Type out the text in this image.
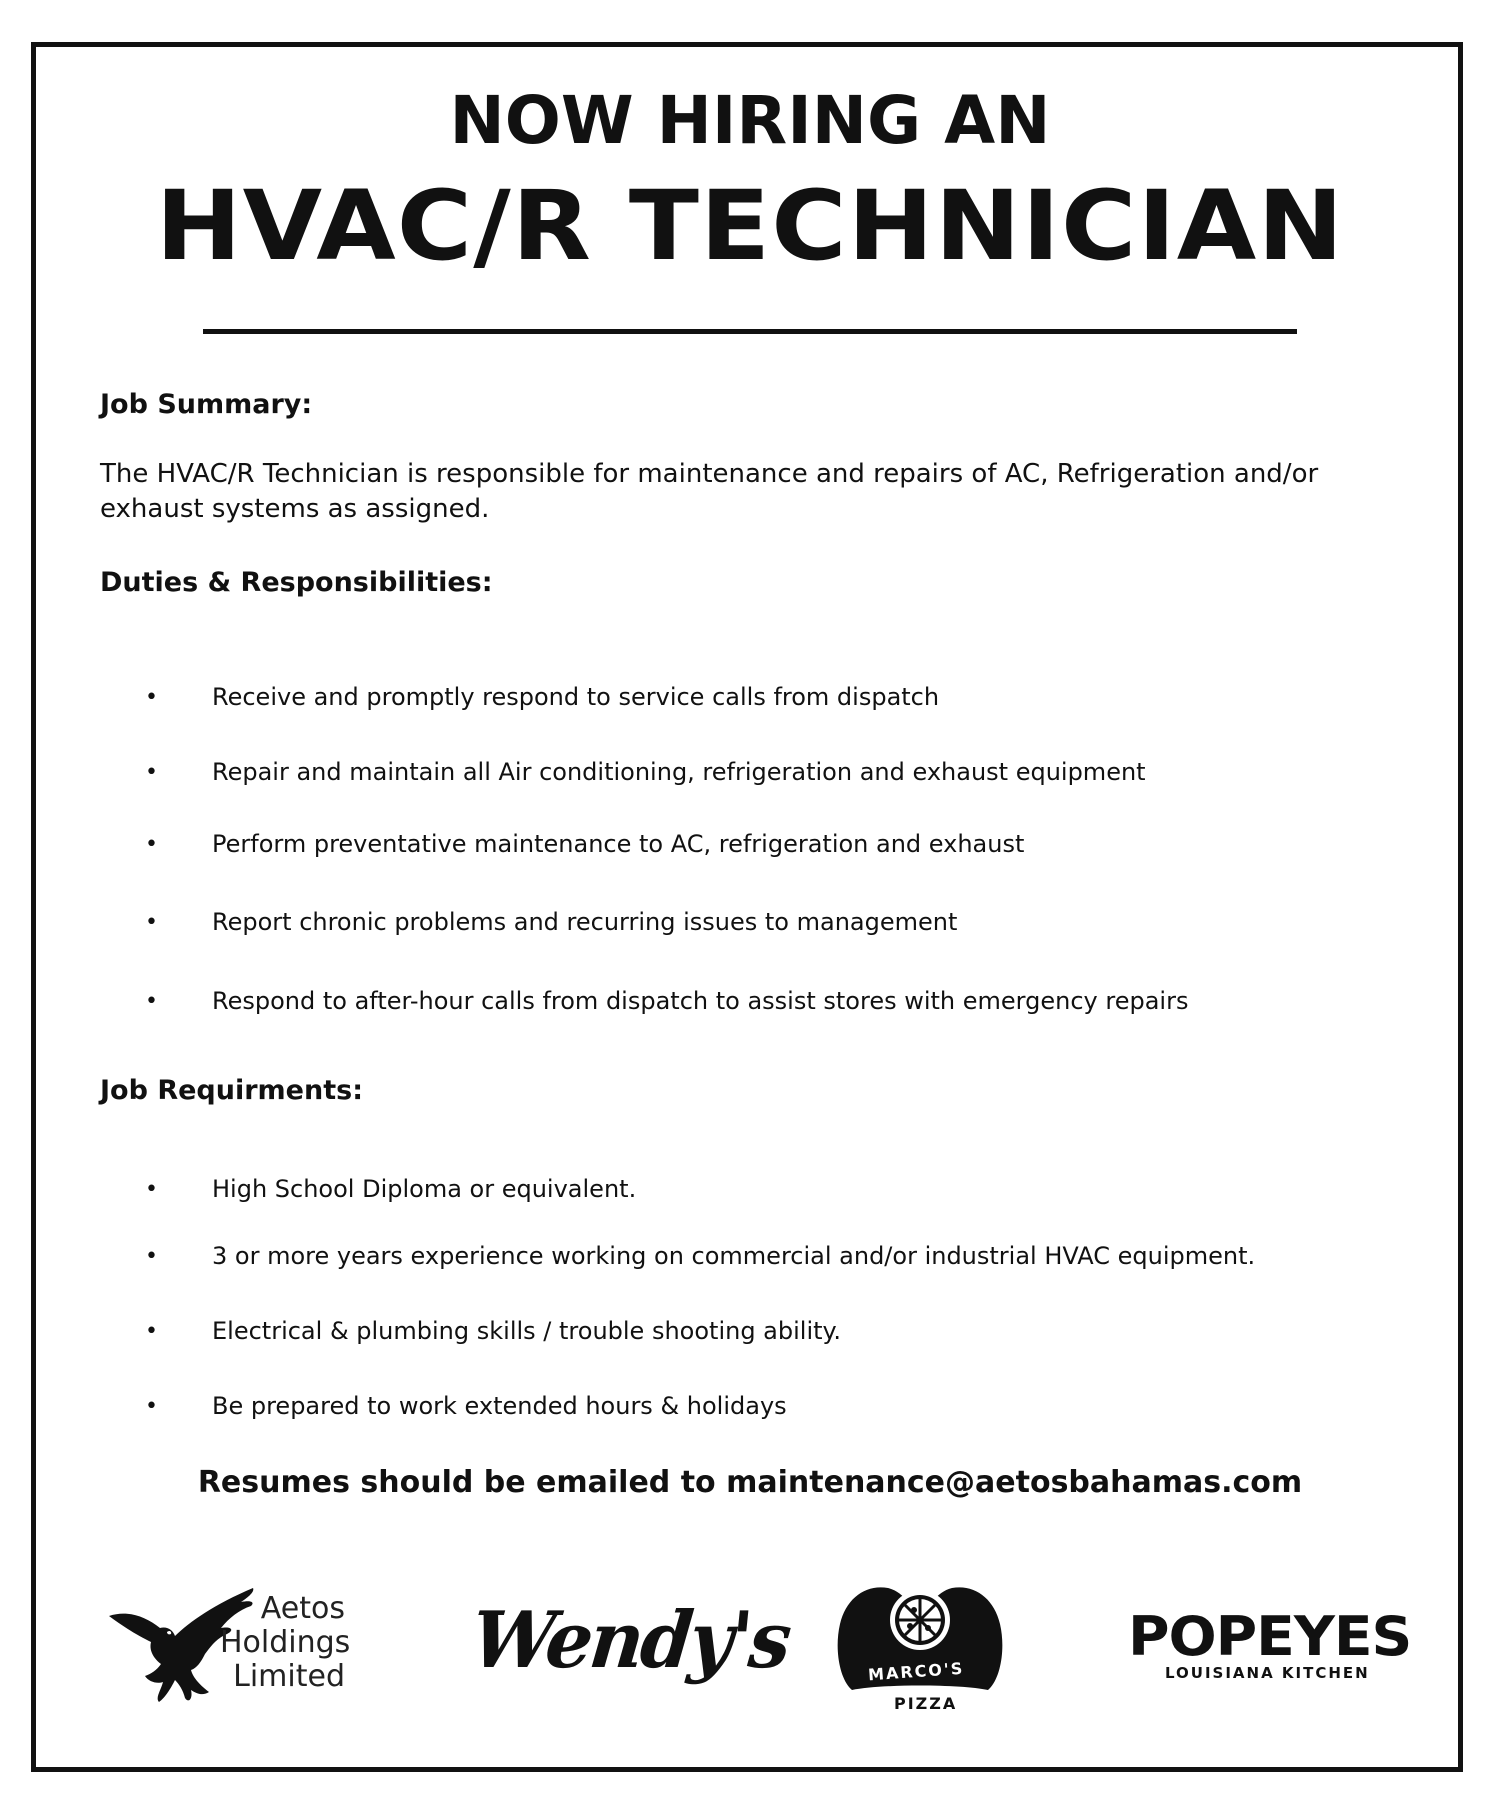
NOW HIRING AN
HVAC/R TECHNICIAN
Job Summary:
The HVAC/R Technician is responsible for maintenance and repairs of AC, Refrigeration and/or exhaust systems as assigned.
Duties & Responsibilities:
• Receive and promptly respond to service calls from dispatch
• Repair and maintain all Air conditioning, refrigeration and exhaust equipment
• Perform preventative maintenance to AC, refrigeration and exhaust
• Report chronic problems and recurring issues to management
• Respond to after-hour calls from dispatch to assist stores with emergency repairs
Job Requirments:
• High School Diploma or equivalent.
• 3 or more years experience working on commercial and/or industrial HVAC equipment.
• Electrical & plumbing skills / trouble shooting ability.
• Be prepared to work extended hours & holidays
Resumes should be emailed to maintenance@aetosbahamas.com
Aetos
Holdings
Limited Wendy's	MARCO'S
PIZZA
POPEYES
LOUISIANA KITCHEN
